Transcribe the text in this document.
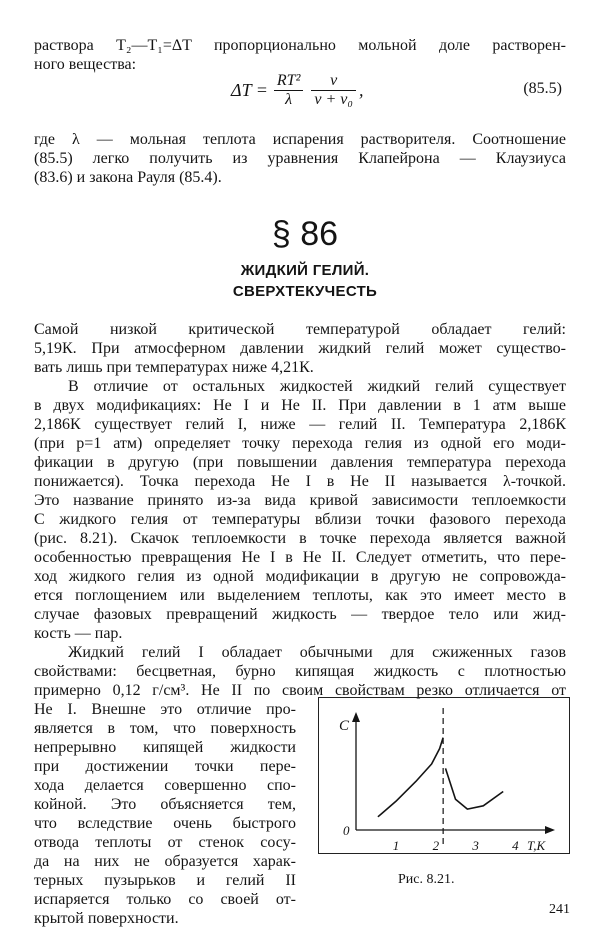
раствора T₂—T₁=ΔT пропорционально мольной доле растворен-
ного вещества:
ΔT =	RT²		ν	,
	λ		ν + ν₀	
(85.5)
где λ — мольная теплота испарения растворителя. Соотношение
(85.5) легко получить из уравнения Клапейрона — Клаузиуса
(83.6) и закона Рауля (85.4).
§ 86
ЖИДКИЙ ГЕЛИЙ.
СВЕРХТЕКУЧЕСТЬ
Самой низкой критической температурой обладает гелий:
5,19К. При атмосферном давлении жидкий гелий может существо-
вать лишь при температурах ниже 4,21К.
В отличие от остальных жидкостей жидкий гелий существует
в двух модификациях: He I и He II. При давлении в 1 атм выше
2,186К существует гелий I, ниже — гелий II. Температура 2,186К
(при p=1 атм) определяет точку перехода гелия из одной его моди-
фикации в другую (при повышении давления температура перехода
понижается). Точка перехода He I в He II называется λ-точкой.
Это название принято из-за вида кривой зависимости теплоемкости
C жидкого гелия от температуры вблизи точки фазового перехода
(рис. 8.21). Скачок теплоемкости в точке перехода является важной
особенностью превращения He I в He II. Следует отметить, что пере-
ход жидкого гелия из одной модификации в другую не сопровожда-
ется поглощением или выделением теплоты, как это имеет место в
случае фазовых превращений жидкость — твердое тело или жид-
кость — пар.
Жидкий гелий I обладает обычными для сжиженных газов
свойствами: бесцветная, бурно кипящая жидкость с плотностью
примерно 0,12 г/см³. He II по своим свойствам резко отличается от
He I. Внешне это отличие про-
является в том, что поверхность
непрерывно кипящей жидкости
при достижении точки пере-
хода делается совершенно спо-
койной. Это объясняется тем,
что вследствие очень быстрого
отвода теплоты от стенок сосу-
да на них не образуется харак-
терных пузырьков и гелий II
испаряется только со своей от-
крытой поверхности.
C
0
T,K
1	2	3	4
Рис. 8.21.
241
